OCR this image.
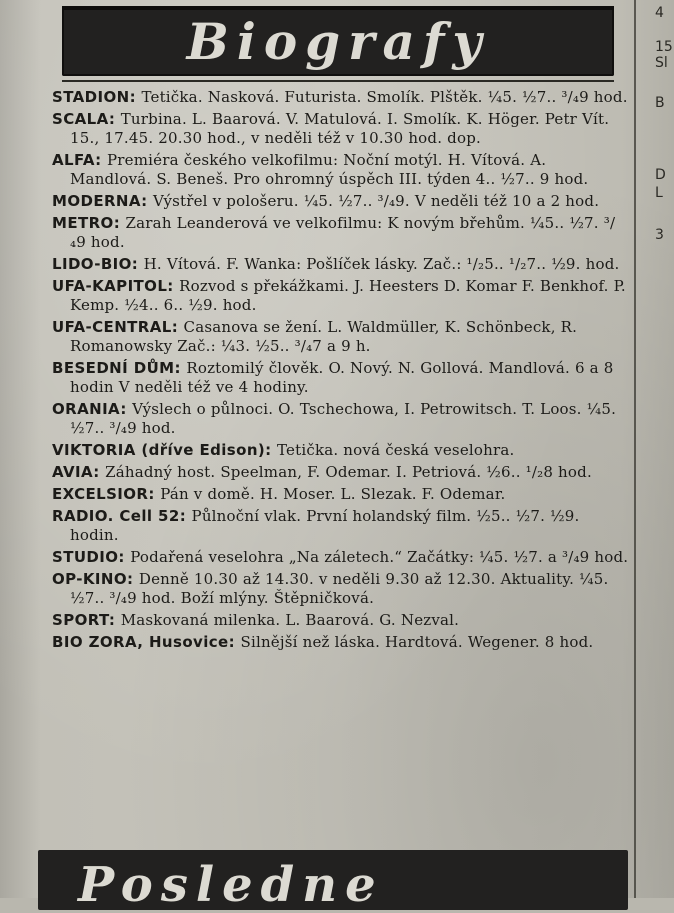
Biografy
STADION: Tetička. Nasková. Futurista. Smolík. Plštěk. ¼5. ½7.. ³/₄9 hod.
SCALA: Turbina. L. Baarová. V. Matulová. I. Smolík. K. Höger. Petr Vít. 15., 17.45. 20.30 hod., v neděli též v 10.30 hod. dop.
ALFA: Premiéra českého velkofilmu: Noční motýl. H. Vítová. A. Mandlová. S. Beneš. Pro ohromný úspěch III. týden 4.. ½7.. 9 hod.
MODERNA: Výstřel v pološeru. ¼5. ½7.. ³/₄9. V neděli též 10 a 2 hod.
METRO: Zarah Leanderová ve velkofilmu: K novým břehům. ¼5.. ½7. ³/₄9 hod.
LIDO-BIO: H. Vítová. F. Wanka: Pošlíček lásky. Zač.: ¹/₂5.. ¹/₂7.. ½9. hod.
UFA-KAPITOL: Rozvod s překážkami. J. Heesters D. Komar F. Benkhof. P. Kemp. ½4.. 6.. ½9. hod.
UFA-CENTRAL: Casanova se žení. L. Waldmüller, K. Schönbeck, R. Romanowsky Zač.: ¼3. ½5.. ³/₄7 a 9 h.
BESEDNÍ DŮM: Roztomilý člověk. O. Nový. N. Gollová. Mandlová. 6 a 8 hodin V neděli též ve 4 hodiny.
ORANIA: Výslech o půlnoci. O. Tschechowa, I. Petrowitsch. T. Loos. ¼5. ½7.. ³/₄9 hod.
VIKTORIA (dříve Edison): Tetička. nová česká veselohra.
AVIA: Záhadný host. Speelman, F. Odemar. I. Petriová. ½6.. ¹/₂8 hod.
EXCELSIOR: Pán v domě. H. Moser. L. Slezak. F. Odemar.
RADIO. Cell 52: Půlnoční vlak. První holandský film. ½5.. ½7. ½9. hodin.
STUDIO: Podařená veselohra „Na záletech.“ Začátky: ¼5. ½7. a ³/₄9 hod.
OP-KINO: Denně 10.30 až 14.30. v neděli 9.30 až 12.30. Aktuality. ¼5. ½7.. ³/₄9 hod. Boží mlýny. Štěpničková.
SPORT: Maskovaná milenka. L. Baarová. G. Nezval.
BIO ZORA, Husovice: Silnější než láska. Hardtová. Wegener. 8 hod.
Posledne
4
15
Sl
B
D
L
3
